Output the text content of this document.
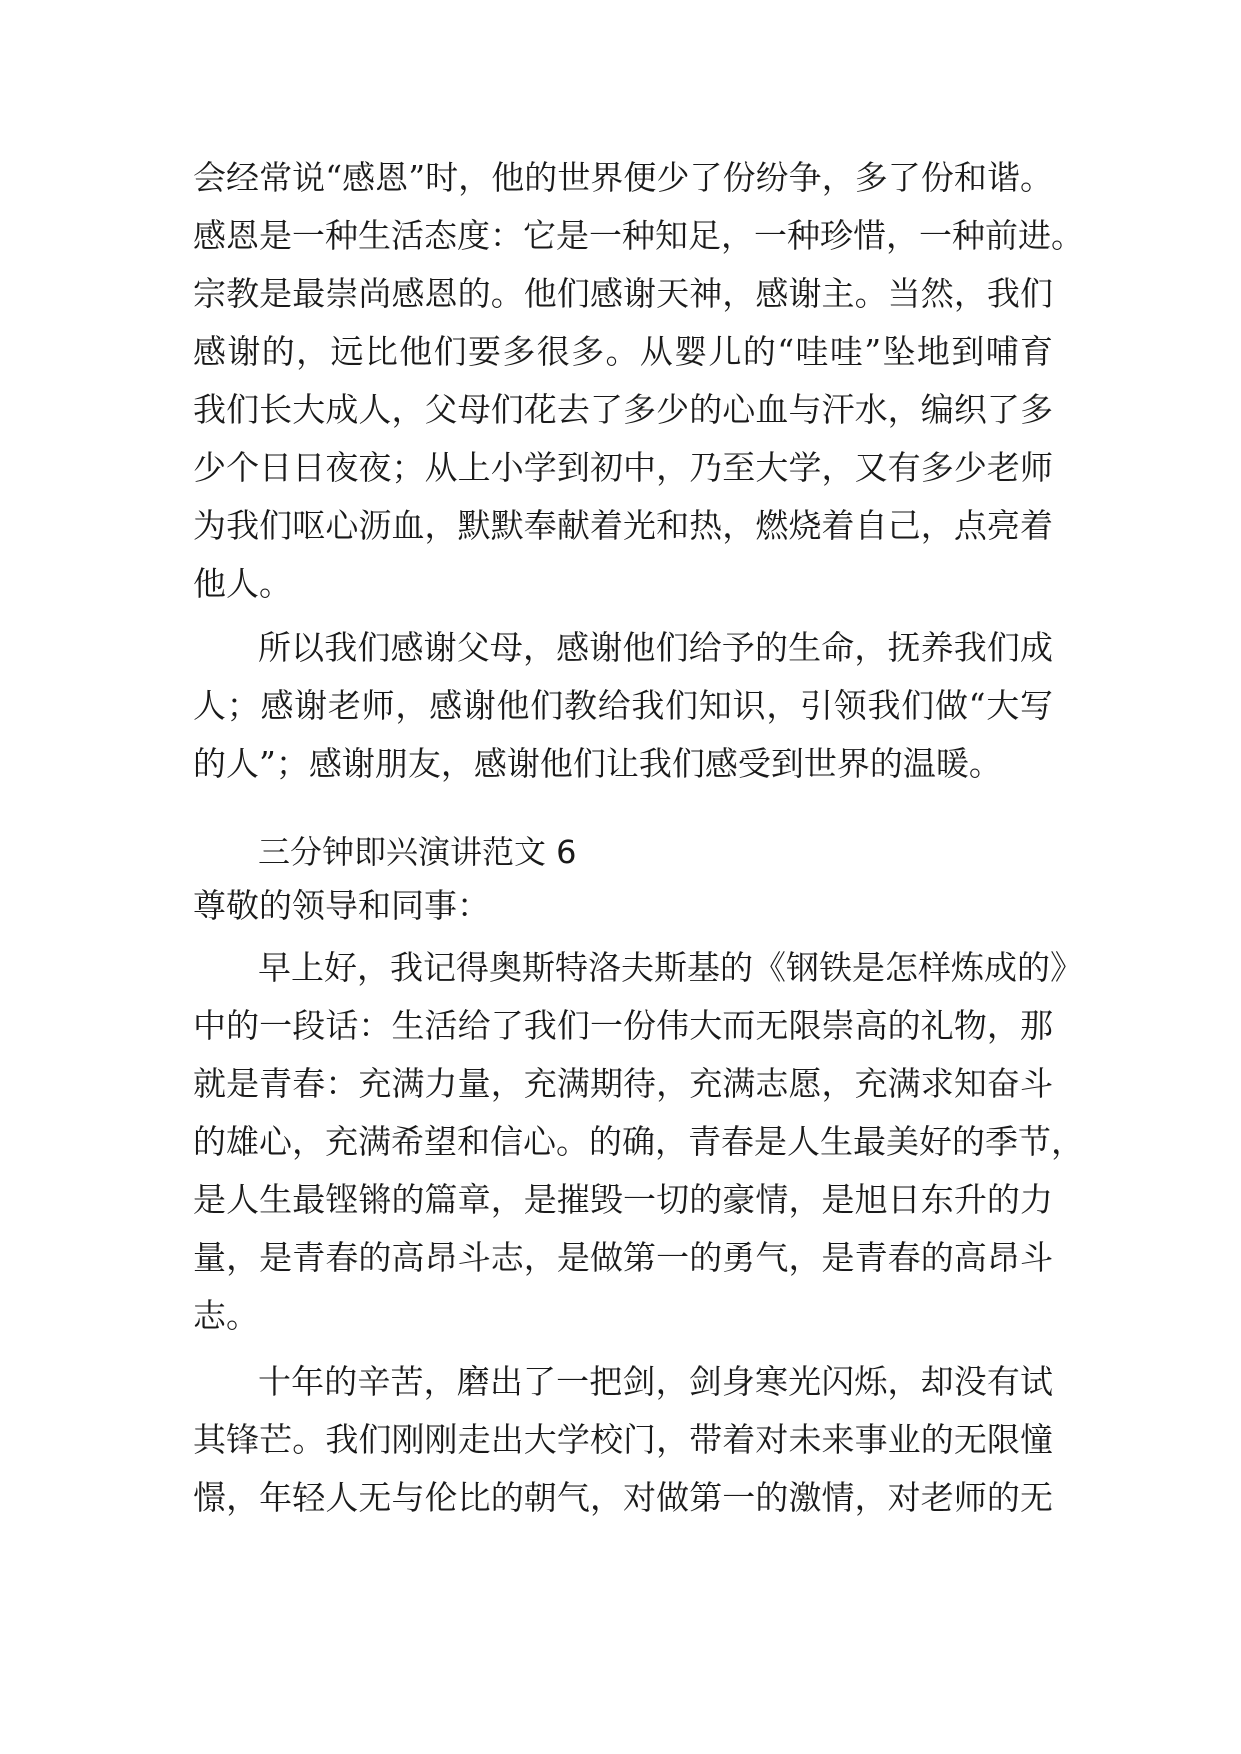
会经常说“感恩”时，他的世界便少了份纷争，多了份和谐。
感恩是一种生活态度：它是一种知足，一种珍惜，一种前进。
宗教是最崇尚感恩的。他们感谢天神，感谢主。当然，我们
感谢的，远比他们要多很多。从婴儿的“哇哇”坠地到哺育
我们长大成人，父母们花去了多少的心血与汗水，编织了多
少个日日夜夜；从上小学到初中，乃至大学，又有多少老师
为我们呕心沥血，默默奉献着光和热，燃烧着自己，点亮着
他人。
所以我们感谢父母，感谢他们给予的生命，抚养我们成
人；感谢老师，感谢他们教给我们知识，引领我们做“大写
的人”；感谢朋友，感谢他们让我们感受到世界的温暖。
三分钟即兴演讲范文 6
尊敬的领导和同事：
早上好，我记得奥斯特洛夫斯基的《钢铁是怎样炼成的》
中的一段话：生活给了我们一份伟大而无限崇高的礼物，那
就是青春：充满力量，充满期待，充满志愿，充满求知奋斗
的雄心，充满希望和信心。的确，青春是人生最美好的季节，
是人生最铿锵的篇章，是摧毁一切的豪情，是旭日东升的力
量，是青春的高昂斗志，是做第一的勇气，是青春的高昂斗
志。
十年的辛苦，磨出了一把剑，剑身寒光闪烁，却没有试
其锋芒。我们刚刚走出大学校门，带着对未来事业的无限憧
憬，年轻人无与伦比的朝气，对做第一的激情，对老师的无
